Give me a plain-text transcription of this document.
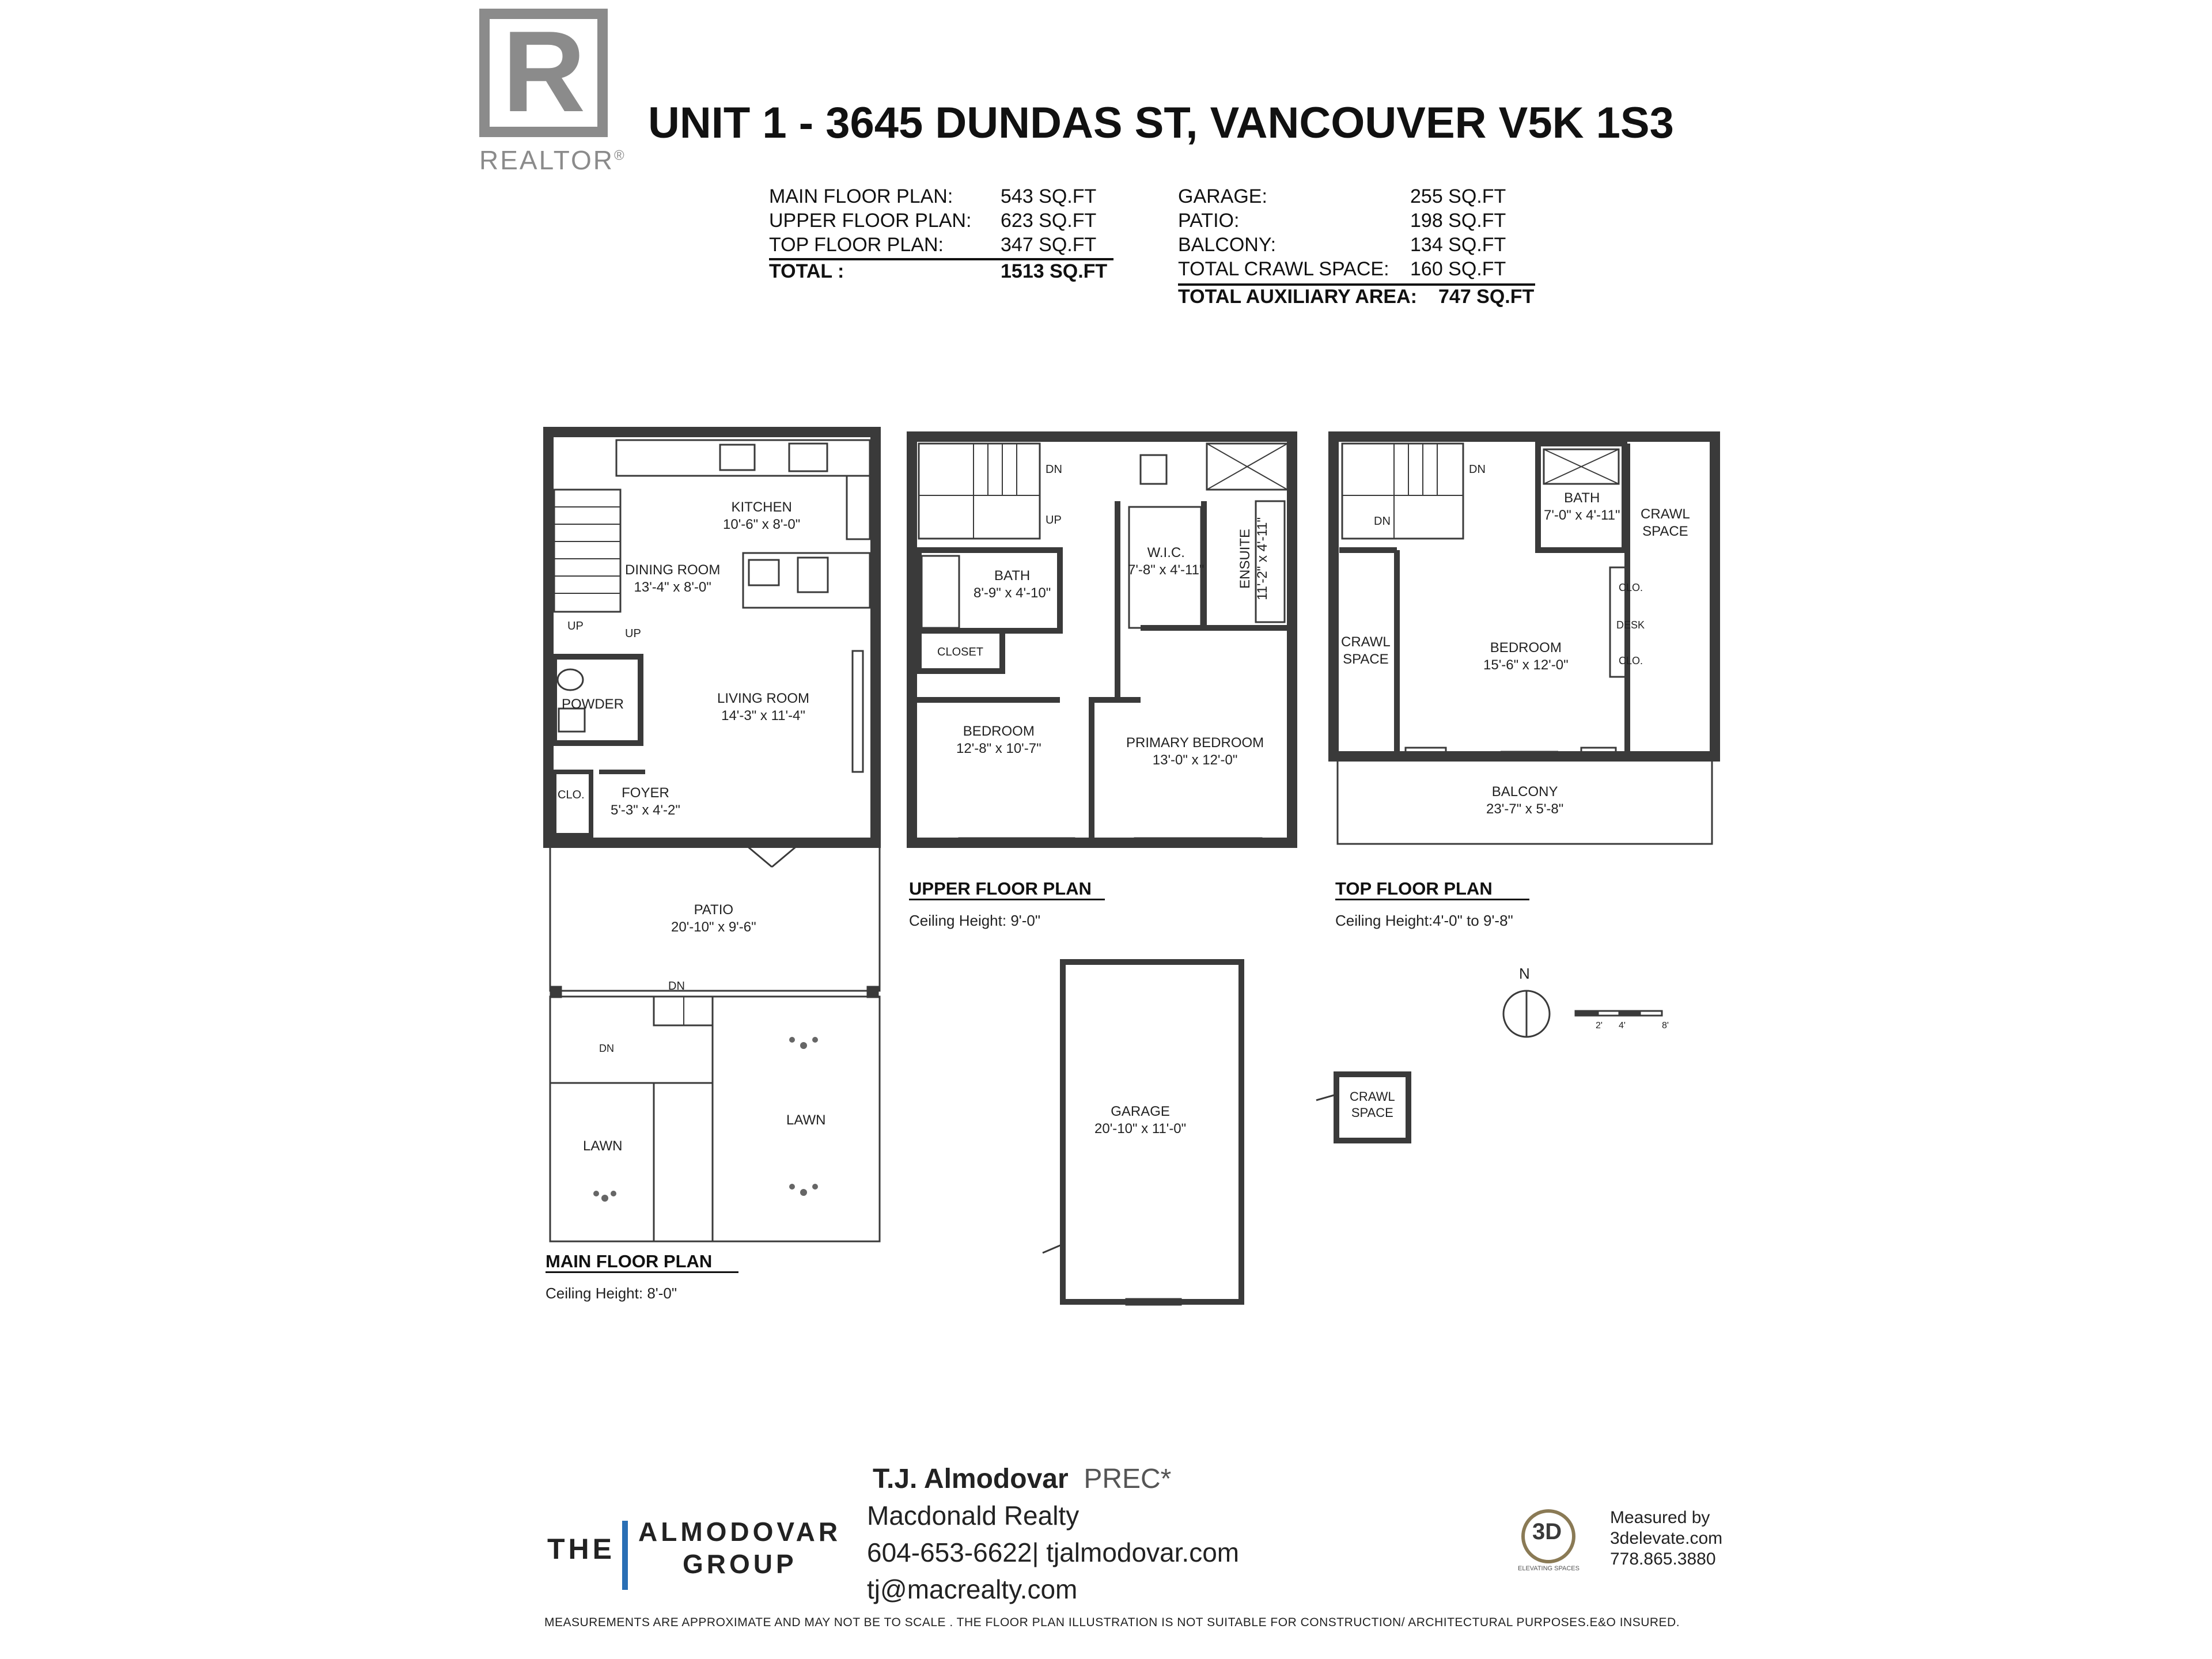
R
REALTOR®
UNIT 1 - 3645 DUNDAS ST, VANCOUVER V5K 1S3
MAIN FLOOR PLAN: 543 SQ.FT
UPPER FLOOR PLAN: 623 SQ.FT
TOP FLOOR PLAN:	347 SQ.FT
TOTAL :	1513 SQ.FT
GARAGE:	255 SQ.FT
PATIO:	198 SQ.FT
BALCONY:	134 SQ.FT
TOTAL CRAWL SPACE: 160 SQ.FT
TOTAL AUXILIARY AREA: 747 SQ.FT
KITCHEN
10'-6" x 8'-0"
DINING ROOM
13'-4" x 8'-0"
LIVING ROOM
14'-3" x 11'-4"
POWDER
CLO.	FOYER
5'-3" x 4'-2"
PATIO
20'-10" x 9'-6"
LAWN
LAWN
UP
UP
DN
DN
MAIN FLOOR PLAN
Ceiling Height: 8'-0"
BATH
8'-9" x 4'-10"
W.I.C.
7'-8" x 4'-11" ENSUITE 11'-2" x 4'-11"
CLOSET
BEDROOM
12'-8" x 10'-7"	PRIMARY BEDROOM
13'-0" x 12'-0"
DN
UP
UPPER FLOOR PLAN
Ceiling Height: 9'-0"
BATH
7'-0" x 4'-11" CRAWL
SPACE
CRAWL
SPACE
BEDROOM
15'-6" x 12'-0"
BALCONY
23'-7" x 5'-8"
CLO.
DESK
CLO.
DN
DN
TOP FLOOR PLAN
Ceiling Height:4'-0" to 9'-8"
GARAGE
20'-10" x 11'-0"
CRAWL
SPACE
N
2' 4'	8'
THE
ALMODOVAR
GROUP
T.J. Almodovar PREC*
Macdonald Realty
604-653-6622| tjalmodovar.com
tj@macrealty.com
3D
ELEVATING SPACES
Measured by
3delevate.com
778.865.3880
MEASUREMENTS ARE APPROXIMATE AND MAY NOT BE TO SCALE . THE FLOOR PLAN ILLUSTRATION IS NOT SUITABLE FOR CONSTRUCTION/ ARCHITECTURAL PURPOSES.E&O INSURED.
